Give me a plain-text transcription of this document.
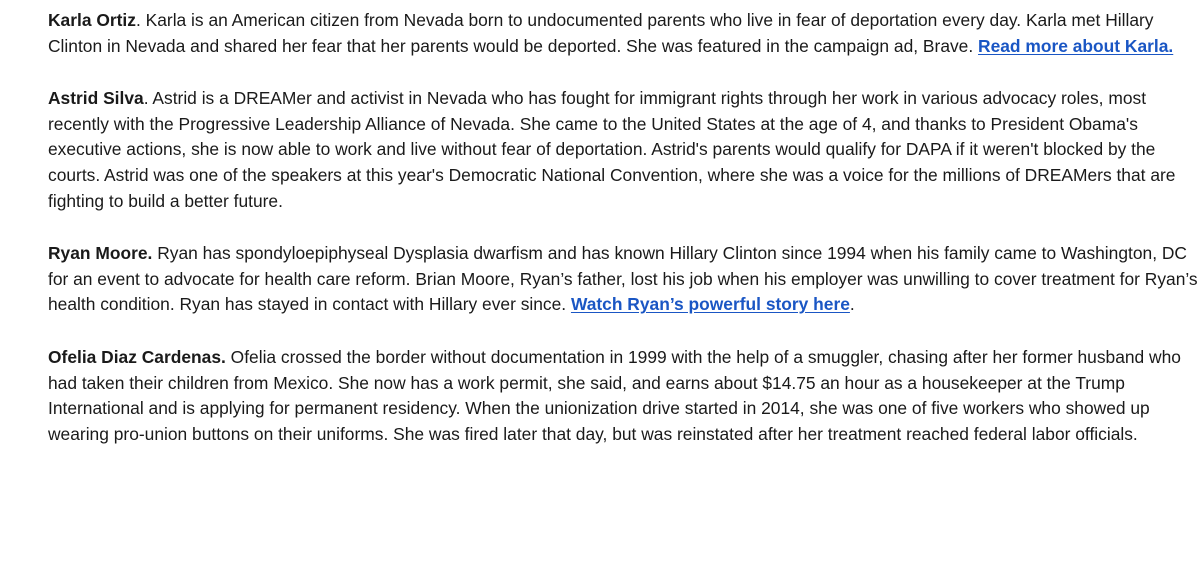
Karla Ortiz. Karla is an American citizen from Nevada born to undocumented parents who live in fear of deportation every day. Karla met Hillary Clinton in Nevada and shared her fear that her parents would be deported. She was featured in the campaign ad, Brave. Read more about Karla.

Astrid Silva. Astrid is a DREAMer and activist in Nevada who has fought for immigrant rights through her work in various advocacy roles, most recently with the Progressive Leadership Alliance of Nevada. She came to the United States at the age of 4, and thanks to President Obama's executive actions, she is now able to work and live without fear of deportation. Astrid's parents would qualify for DAPA if it weren't blocked by the courts. Astrid was one of the speakers at this year's Democratic National Convention, where she was a voice for the millions of DREAMers that are fighting to build a better future.

Ryan Moore. Ryan has spondyloepiphyseal Dysplasia dwarfism and has known Hillary Clinton since 1994 when his family came to Washington, DC for an event to advocate for health care reform. Brian Moore, Ryan’s father, lost his job when his employer was unwilling to cover treatment for Ryan’s health condition. Ryan has stayed in contact with Hillary ever since. Watch Ryan’s powerful story here.

Ofelia Diaz Cardenas. Ofelia crossed the border without documentation in 1999 with the help of a smuggler, chasing after her former husband who had taken their children from Mexico. She now has a work permit, she said, and earns about $14.75 an hour as a housekeeper at the Trump International and is applying for permanent residency. When the unionization drive started in 2014, she was one of five workers who showed up wearing pro-union buttons on their uniforms. She was fired later that day, but was reinstated after her treatment reached federal labor officials.
